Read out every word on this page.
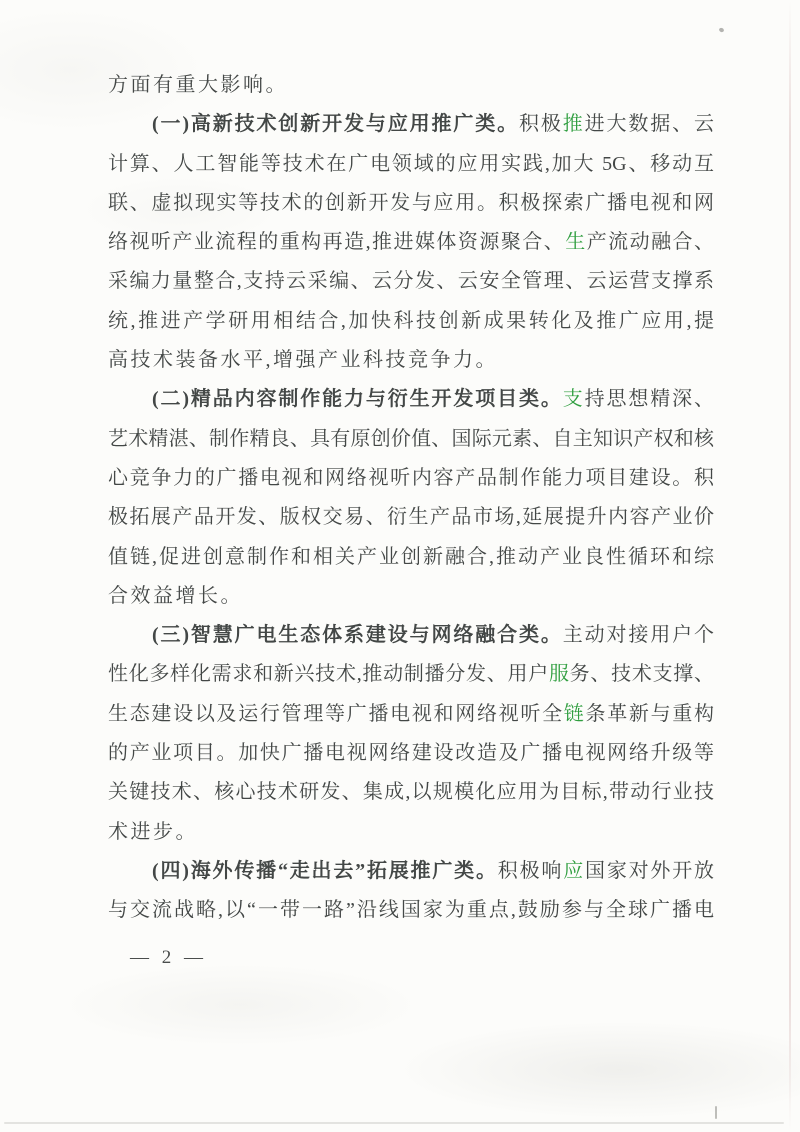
方面有重大影响。
(一)高新技术创新开发与应用推广类。积极推进大数据、云
计算、人工智能等技术在广电领域的应用实践,加大 5G、移动互
联、虚拟现实等技术的创新开发与应用。积极探索广播电视和网
络视听产业流程的重构再造,推进媒体资源聚合、生产流动融合、
采编力量整合,支持云采编、云分发、云安全管理、云运营支撑系
统,推进产学研用相结合,加快科技创新成果转化及推广应用,提
高技术装备水平,增强产业科技竞争力。
(二)精品内容制作能力与衍生开发项目类。支持思想精深、
艺术精湛、制作精良、具有原创价值、国际元素、自主知识产权和核
心竞争力的广播电视和网络视听内容产品制作能力项目建设。积
极拓展产品开发、版权交易、衍生产品市场,延展提升内容产业价
值链,促进创意制作和相关产业创新融合,推动产业良性循环和综
合效益增长。
(三)智慧广电生态体系建设与网络融合类。主动对接用户个
性化多样化需求和新兴技术,推动制播分发、用户服务、技术支撑、
生态建设以及运行管理等广播电视和网络视听全链条革新与重构
的产业项目。加快广播电视网络建设改造及广播电视网络升级等
关键技术、核心技术研发、集成,以规模化应用为目标,带动行业技
术进步。
(四)海外传播“走出去”拓展推广类。积极响应国家对外开放
与交流战略,以“一带一路”沿线国家为重点,鼓励参与全球广播电
— 2 —
